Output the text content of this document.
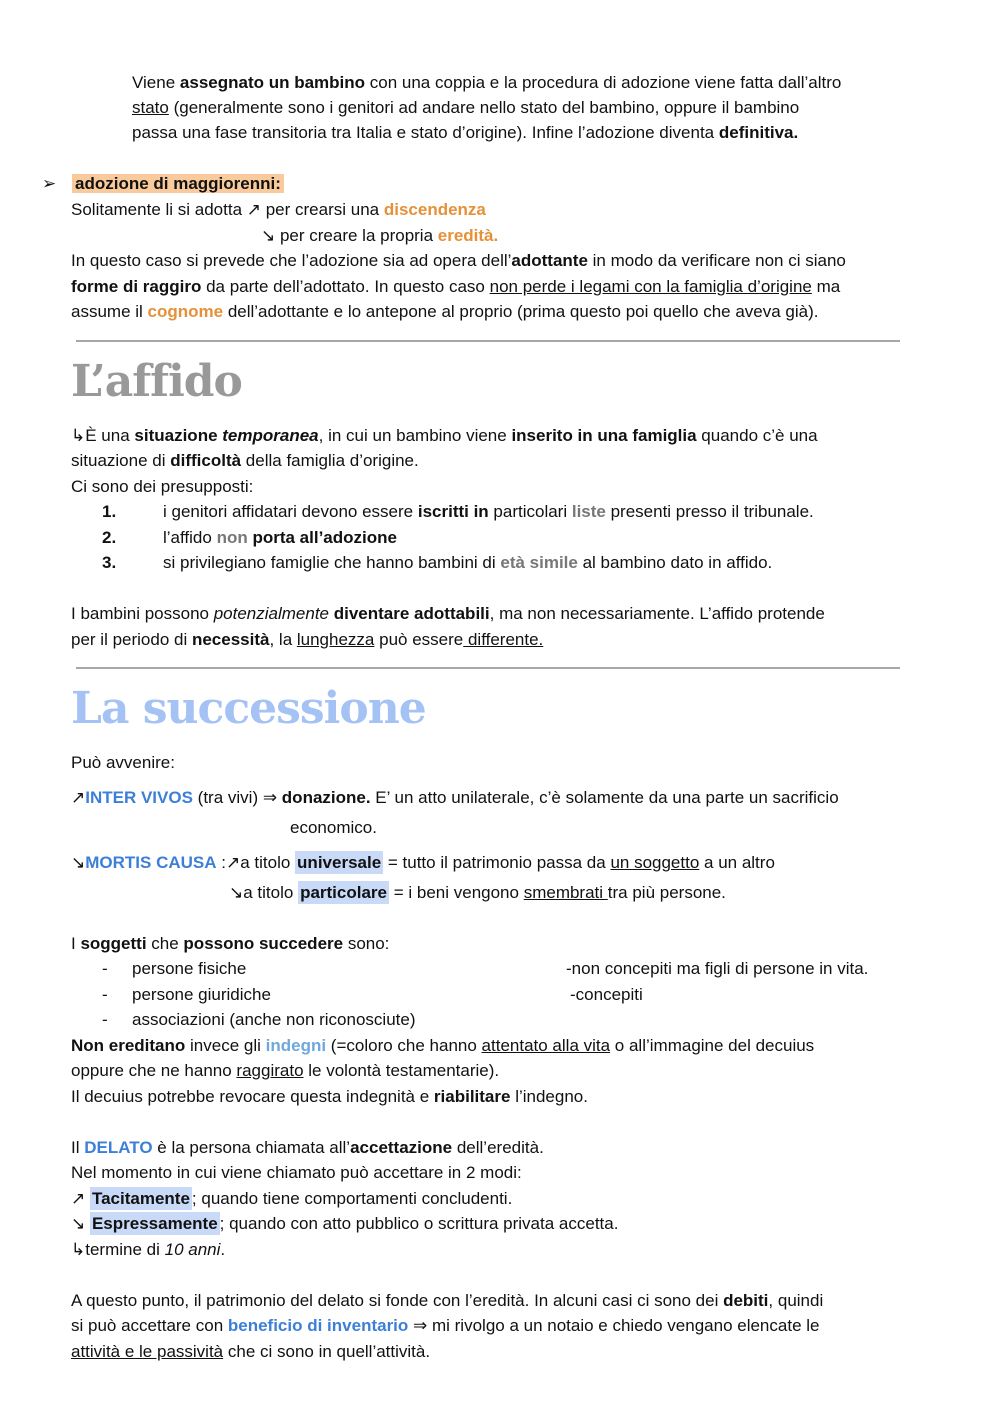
Viene assegnato un bambino con una coppia e la procedura di adozione viene fatta dall’altro
stato (generalmente sono i genitori ad andare nello stato del bambino, oppure il bambino
passa una fase transitoria tra Italia e stato d’origine). Infine l’adozione diventa definitiva.
➢ adozione di maggiorenni:
Solitamente li si adotta ↗ per crearsi una discendenza
↘ per creare la propria eredità.
In questo caso si prevede che l’adozione sia ad opera dell’adottante in modo da verificare non ci siano
forme di raggiro da parte dell’adottato. In questo caso non perde i legami con la famiglia d’origine ma
assume il cognome dell’adottante e lo antepone al proprio (prima questo poi quello che aveva già).
L’affido
↳È una situazione temporanea, in cui un bambino viene inserito in una famiglia quando c’è una
situazione di difficoltà della famiglia d’origine.
Ci sono dei presupposti:
1.	i genitori affidatari devono essere iscritti in particolari liste presenti presso il tribunale.
2.	l’affido non porta all’adozione
3.	si privilegiano famiglie che hanno bambini di età simile al bambino dato in affido.
I bambini possono potenzialmente diventare adottabili, ma non necessariamente. L’affido protende
per il periodo di necessità, la lunghezza può essere differente.
La successione
Può avvenire:
↗INTER VIVOS (tra vivi) ⇒ donazione. E’ un atto unilaterale, c’è solamente da una parte un sacrificio
economico.
↘MORTIS CAUSA :↗a titolo universale = tutto il patrimonio passa da un soggetto a un altro
↘a titolo particolare = i beni vengono smembrati tra più persone.
I soggetti che possono succedere sono:
- persone fisiche	-non concepiti ma figli di persone in vita.
- persone giuridiche	-concepiti
- associazioni (anche non riconosciute)
Non ereditano invece gli indegni (=coloro che hanno attentato alla vita o all’immagine del decuius
oppure che ne hanno raggirato le volontà testamentarie).
Il decuius potrebbe revocare questa indegnità e riabilitare l’indegno.
Il DELATO è la persona chiamata all’accettazione dell’eredità.
Nel momento in cui viene chiamato può accettare in 2 modi:
↗ Tacitamente ; quando tiene comportamenti concludenti.
↘ Espressamente ; quando con atto pubblico o scrittura privata accetta.
↳termine di 10 anni.
A questo punto, il patrimonio del delato si fonde con l’eredità. In alcuni casi ci sono dei debiti, quindi
si può accettare con beneficio di inventario ⇒ mi rivolgo a un notaio e chiedo vengano elencate le
attività e le passività che ci sono in quell’attività.
